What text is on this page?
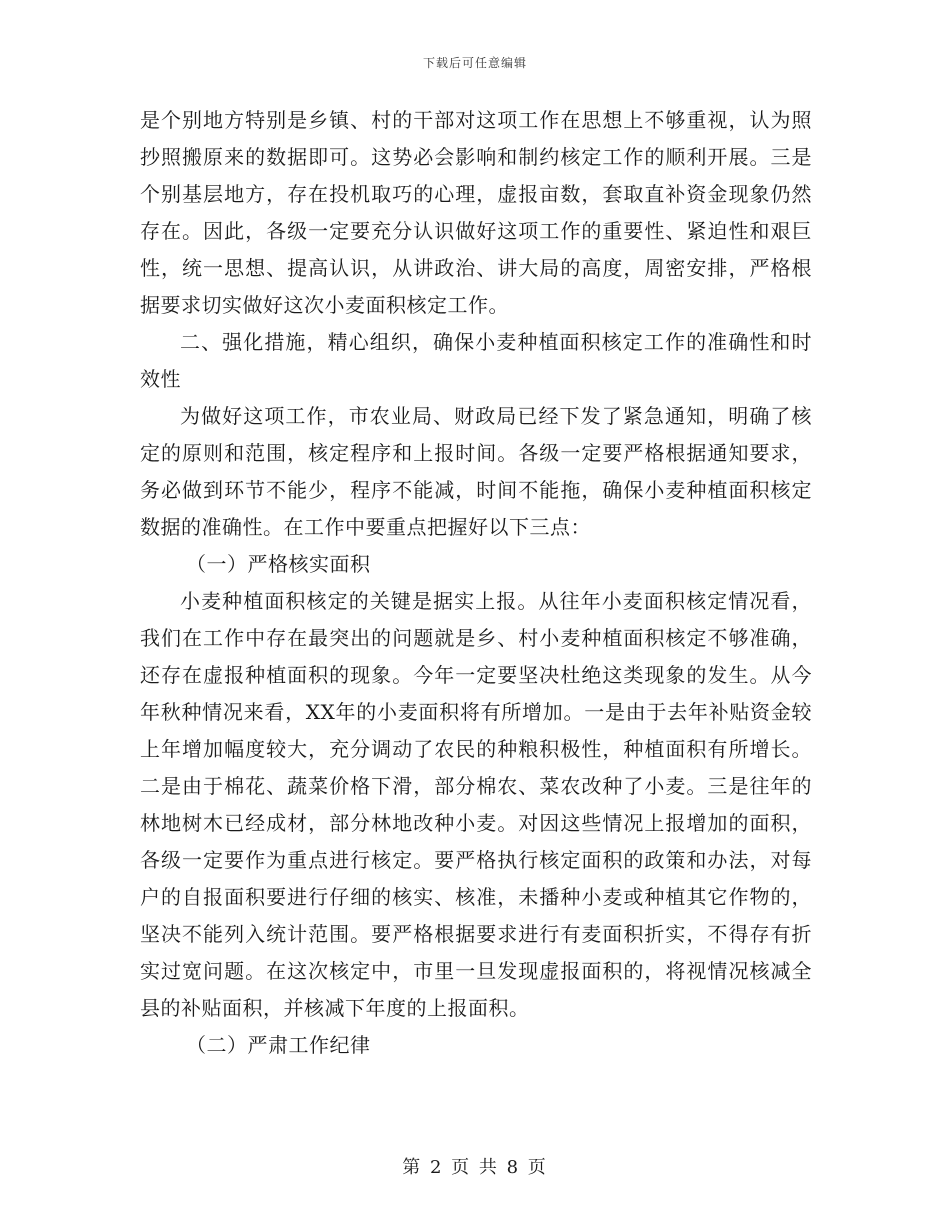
下载后可任意编辑

是个别地方特别是乡镇、村的干部对这项工作在思想上不够重视，认为照抄照搬原来的数据即可。这势必会影响和制约核定工作的顺利开展。三是个别基层地方，存在投机取巧的心理，虚报亩数，套取直补资金现象仍然存在。因此，各级一定要充分认识做好这项工作的重要性、紧迫性和艰巨性，统一思想、提高认识，从讲政治、讲大局的高度，周密安排，严格根据要求切实做好这次小麦面积核定工作。

二、强化措施，精心组织，确保小麦种植面积核定工作的准确性和时效性

为做好这项工作，市农业局、财政局已经下发了紧急通知，明确了核定的原则和范围，核定程序和上报时间。各级一定要严格根据通知要求，务必做到环节不能少，程序不能减，时间不能拖，确保小麦种植面积核定数据的准确性。在工作中要重点把握好以下三点：

（一）严格核实面积

小麦种植面积核定的关键是据实上报。从往年小麦面积核定情况看，我们在工作中存在最突出的问题就是乡、村小麦种植面积核定不够准确，还存在虚报种植面积的现象。今年一定要坚决杜绝这类现象的发生。从今年秋种情况来看，XX年的小麦面积将有所增加。一是由于去年补贴资金较上年增加幅度较大，充分调动了农民的种粮积极性，种植面积有所增长。二是由于棉花、蔬菜价格下滑，部分棉农、菜农改种了小麦。三是往年的林地树木已经成材，部分林地改种小麦。对因这些情况上报增加的面积，各级一定要作为重点进行核定。要严格执行核定面积的政策和办法，对每户的自报面积要进行仔细的核实、核准，未播种小麦或种植其它作物的，坚决不能列入统计范围。要严格根据要求进行有麦面积折实，不得存有折实过宽问题。在这次核定中，市里一旦发现虚报面积的，将视情况核减全县的补贴面积，并核减下年度的上报面积。

（二）严肃工作纪律

第 2 页 共 8 页
